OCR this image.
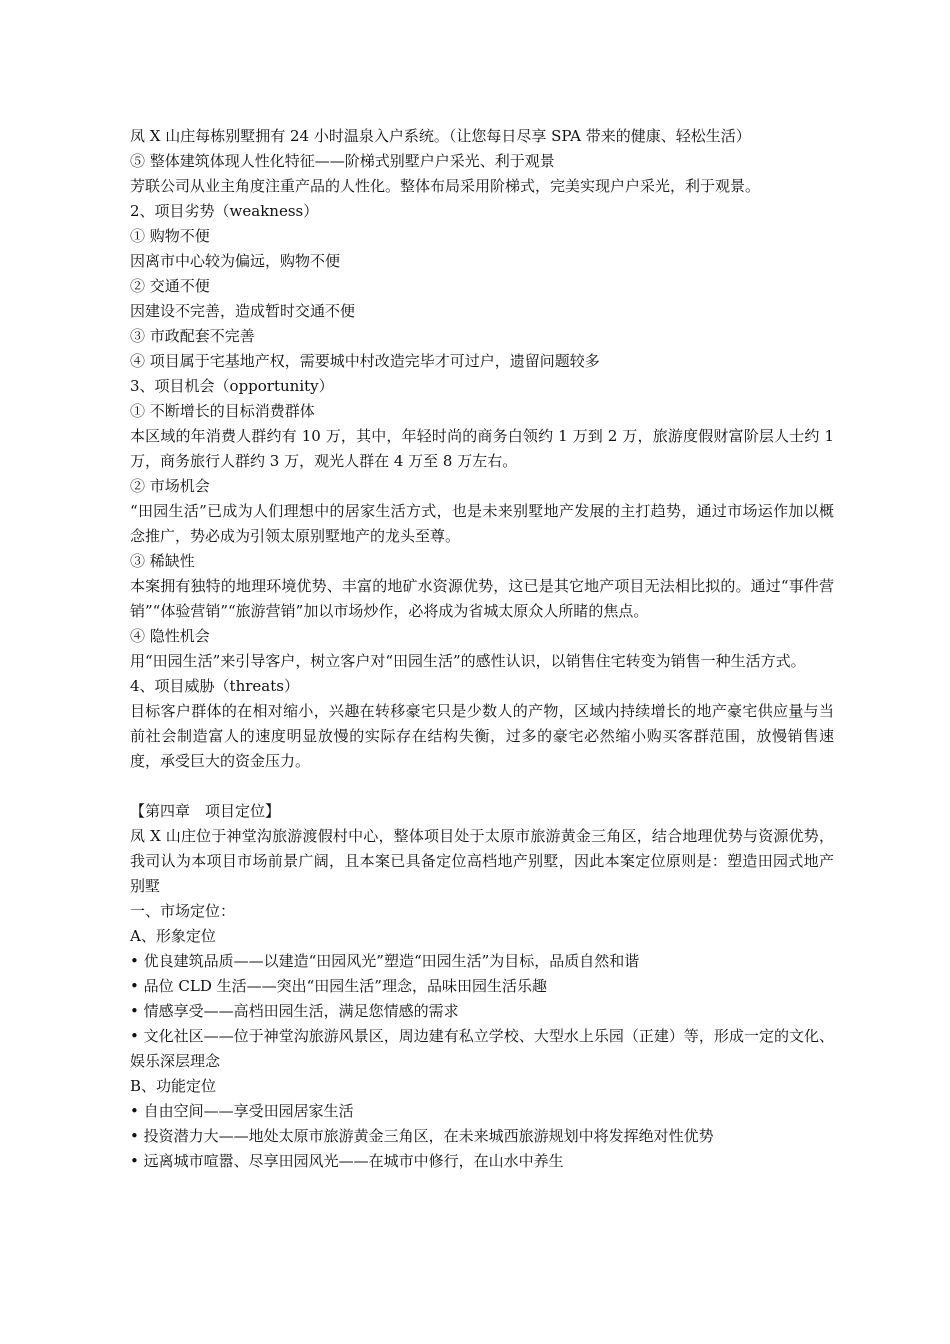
凤 X 山庄每栋别墅拥有 24 小时温泉入户系统。（让您每日尽享 SPA 带来的健康、轻松生活）

⑤ 整体建筑体现人性化特征——阶梯式别墅户户采光、利于观景

芳联公司从业主角度注重产品的人性化。整体布局采用阶梯式，完美实现户户采光，利于观景。

2、项目劣势（weakness）

① 购物不便

因离市中心较为偏远，购物不便

② 交通不便

因建设不完善，造成暂时交通不便

③ 市政配套不完善

④ 项目属于宅基地产权，需要城中村改造完毕才可过户，遗留问题较多

3、项目机会（opportunity）

① 不断增长的目标消费群体

本区域的年消费人群约有 10 万，其中，年轻时尚的商务白领约 1 万到 2 万，旅游度假财富阶层人士约 1 万，商务旅行人群约 3 万，观光人群在 4 万至 8 万左右。

② 市场机会

“田园生活”已成为人们理想中的居家生活方式，也是未来别墅地产发展的主打趋势，通过市场运作加以概念推广，势必成为引领太原别墅地产的龙头至尊。

③ 稀缺性

本案拥有独特的地理环境优势、丰富的地矿水资源优势，这已是其它地产项目无法相比拟的。通过“事件营销”“体验营销”“旅游营销”加以市场炒作，必将成为省城太原众人所睹的焦点。

④ 隐性机会

用“田园生活”来引导客户，树立客户对“田园生活”的感性认识，以销售住宅转变为销售一种生活方式。

4、项目威胁（threats）

目标客户群体的在相对缩小，兴趣在转移豪宅只是少数人的产物，区域内持续增长的地产豪宅供应量与当前社会制造富人的速度明显放慢的实际存在结构失衡，过多的豪宅必然缩小购买客群范围，放慢销售速度，承受巨大的资金压力。

【第四章　项目定位】

凤 X 山庄位于神堂沟旅游渡假村中心，整体项目处于太原市旅游黄金三角区，结合地理优势与资源优势，我司认为本项目市场前景广阔，且本案已具备定位高档地产别墅，因此本案定位原则是：塑造田园式地产别墅

一、市场定位：

A、形象定位

• 优良建筑品质——以建造“田园风光”塑造“田园生活”为目标，品质自然和谐

• 品位 CLD 生活——突出“田园生活”理念，品味田园生活乐趣

• 情感享受——高档田园生活，满足您情感的需求

• 文化社区——位于神堂沟旅游风景区，周边建有私立学校、大型水上乐园（正建）等，形成一定的文化、娱乐深层理念

B、功能定位

• 自由空间——享受田园居家生活

• 投资潜力大——地处太原市旅游黄金三角区，在未来城西旅游规划中将发挥绝对性优势

• 远离城市喧嚣、尽享田园风光——在城市中修行，在山水中养生
